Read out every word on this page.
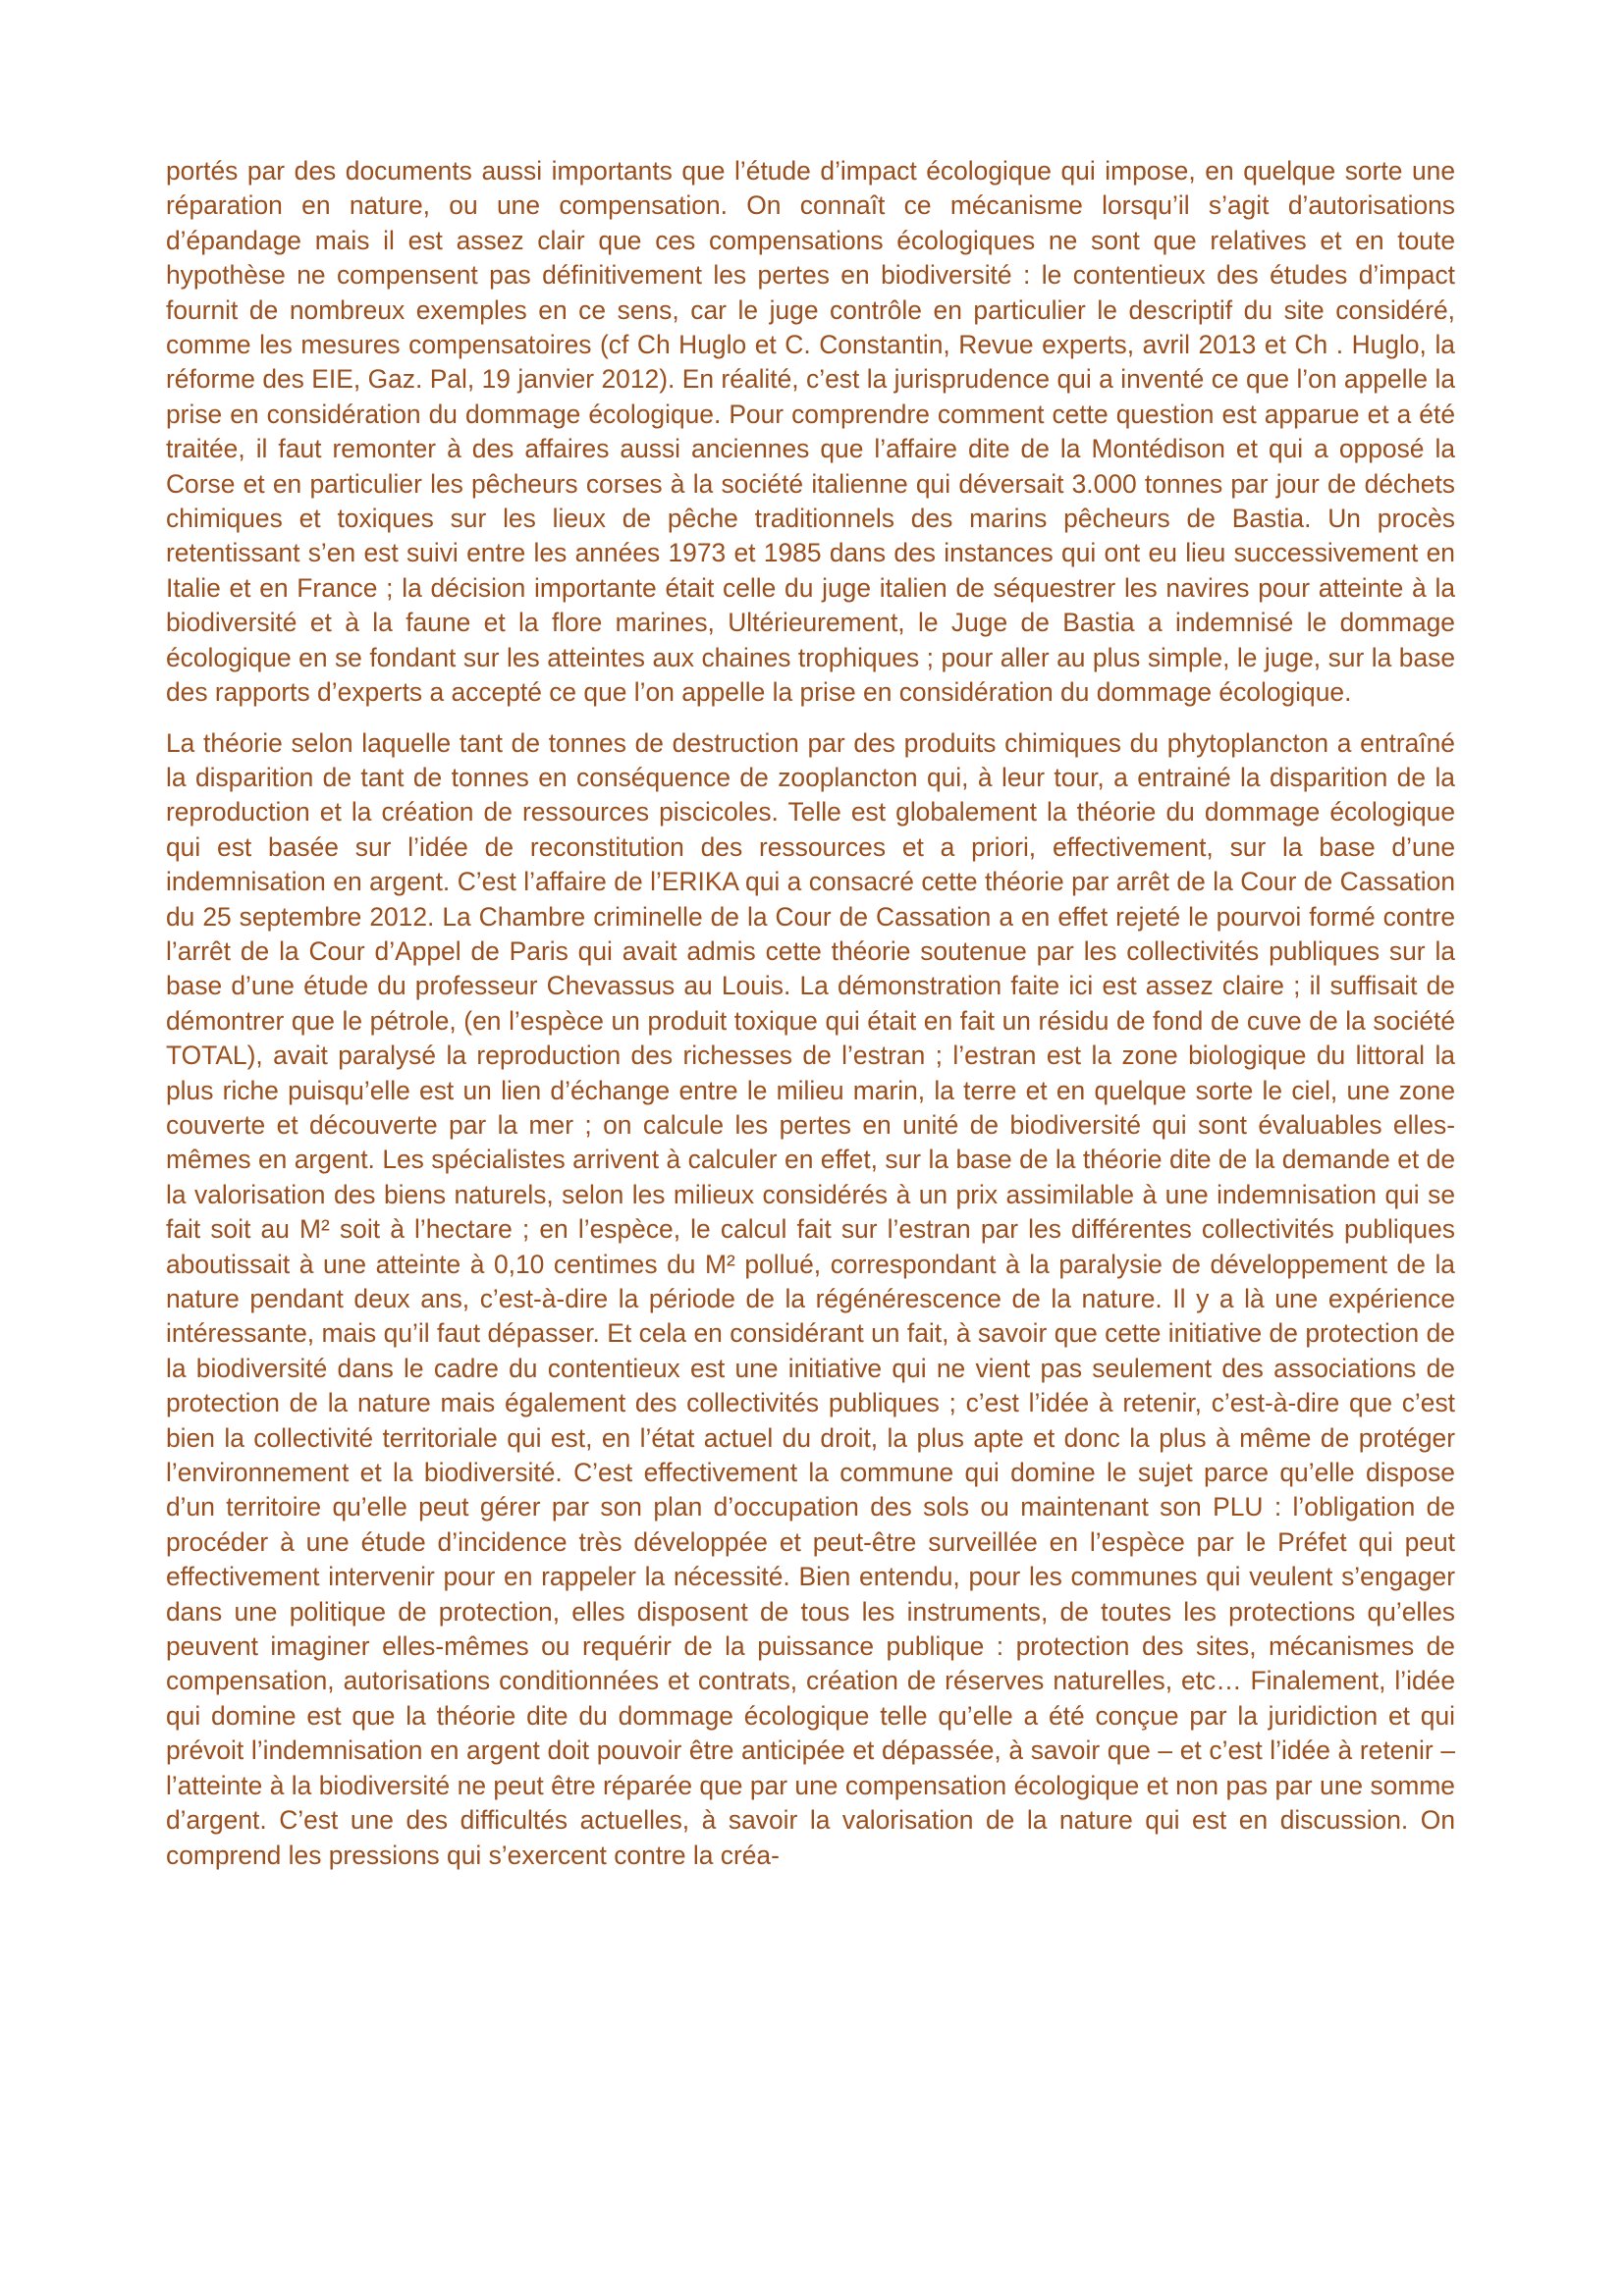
portés par des documents aussi importants que l’étude d’impact écologique qui impose, en quelque sorte une réparation en nature, ou une compensation. On connaît ce mécanisme lorsqu’il s’agit d’autorisations d’épandage mais il est assez clair que ces compensations écologiques ne sont que relatives et en toute hypothèse ne compensent pas définitivement les pertes en biodiversité : le contentieux des études d’impact fournit de nombreux exemples en ce sens, car le juge contrôle en particulier le descriptif du site considéré, comme les mesures compensatoires (cf Ch Huglo et C. Constantin, Revue experts, avril 2013 et Ch . Huglo, la réforme des EIE, Gaz. Pal, 19 janvier 2012). En réalité, c’est la jurisprudence qui a inventé ce que l’on appelle la prise en considération du dommage écologique. Pour comprendre comment cette question est apparue et a été traitée, il faut remonter à des affaires aussi anciennes que l’affaire dite de la Montédison et qui a opposé la Corse et en particulier les pêcheurs corses à la société italienne qui déversait 3.000 tonnes par jour de déchets chimiques et toxiques sur les lieux de pêche traditionnels des marins pêcheurs de Bastia. Un procès retentissant s’en est suivi entre les années 1973 et 1985 dans des instances qui ont eu lieu successivement en Italie et en France ; la décision importante était celle du juge italien de séquestrer les navires pour atteinte à la biodiversité et à la faune et la flore marines, Ultérieurement, le Juge de Bastia a indemnisé le dommage écologique en se fondant sur les atteintes aux chaines trophiques ; pour aller au plus simple, le juge, sur la base des rapports d’experts a accepté ce que l’on appelle la prise en considération du dommage écologique.

La théorie selon laquelle tant de tonnes de destruction par des produits chimiques du phytoplancton a entraîné la disparition de tant de tonnes en conséquence de zooplancton qui, à leur tour, a entrainé la disparition de la reproduction et la création de ressources piscicoles. Telle est globalement la théorie du dommage écologique qui est basée sur l’idée de reconstitution des ressources et a priori, effectivement, sur la base d’une indemnisation en argent. C’est l’affaire de l’ERIKA qui a consacré cette théorie par arrêt de la Cour de Cassation du 25 septembre 2012. La Chambre criminelle de la Cour de Cassation a en effet rejeté le pourvoi formé contre l’arrêt de la Cour d’Appel de Paris qui avait admis cette théorie soutenue par les collectivités publiques sur la base d’une étude du professeur Chevassus au Louis. La démonstration faite ici est assez claire ; il suffisait de démontrer que le pétrole, (en l’espèce un produit toxique qui était en fait un résidu de fond de cuve de la société TOTAL), avait paralysé la reproduction des richesses de l’estran ; l’estran est la zone biologique du littoral la plus riche puisqu’elle est un lien d’échange entre le milieu marin, la terre et en quelque sorte le ciel, une zone couverte et découverte par la mer ; on calcule les pertes en unité de biodiversité qui sont évaluables elles-mêmes en argent. Les spécialistes arrivent à calculer en effet, sur la base de la théorie dite de la demande et de la valorisation des biens naturels, selon les milieux considérés à un prix assimilable à une indemnisation qui se fait soit au M² soit à l’hectare ; en l’espèce, le calcul fait sur l’estran par les différentes collectivités publiques aboutissait à une atteinte à 0,10 centimes du M² pollué, correspondant à la paralysie de développement de la nature pendant deux ans, c’est-à-dire la période de la régénérescence de la nature. Il y a là une expérience intéressante, mais qu’il faut dépasser. Et cela en considérant un fait, à savoir que cette initiative de protection de la biodiversité dans le cadre du contentieux est une initiative qui ne vient pas seulement des associations de protection de la nature mais également des collectivités publiques ; c’est l’idée à retenir, c’est-à-dire que c’est bien la collectivité territoriale qui est, en l’état actuel du droit, la plus apte et donc la plus à même de protéger l’environnement et la biodiversité. C’est effectivement la commune qui domine le sujet parce qu’elle dispose d’un territoire qu’elle peut gérer par son plan d’occupation des sols ou maintenant son PLU : l’obligation de procéder à une étude d’incidence très développée et peut-être surveillée en l’espèce par le Préfet qui peut effectivement intervenir pour en rappeler la nécessité. Bien entendu, pour les communes qui veulent s’engager dans une politique de protection, elles disposent de tous les instruments, de toutes les protections qu’elles peuvent imaginer elles-mêmes ou requérir de la puissance publique : protection des sites, mécanismes de compensation, autorisations conditionnées et contrats, création de réserves naturelles, etc… Finalement, l’idée qui domine est que la théorie dite du dommage écologique telle qu’elle a été conçue par la juridiction et qui prévoit l’indemnisation en argent doit pouvoir être anticipée et dépassée, à savoir que – et c’est l’idée à retenir – l’atteinte à la biodiversité ne peut être réparée que par une compensation écologique et non pas par une somme d’argent. C’est une des difficultés actuelles, à savoir la valorisation de la nature qui est en discussion. On comprend les pressions qui s’exercent contre la créa-
